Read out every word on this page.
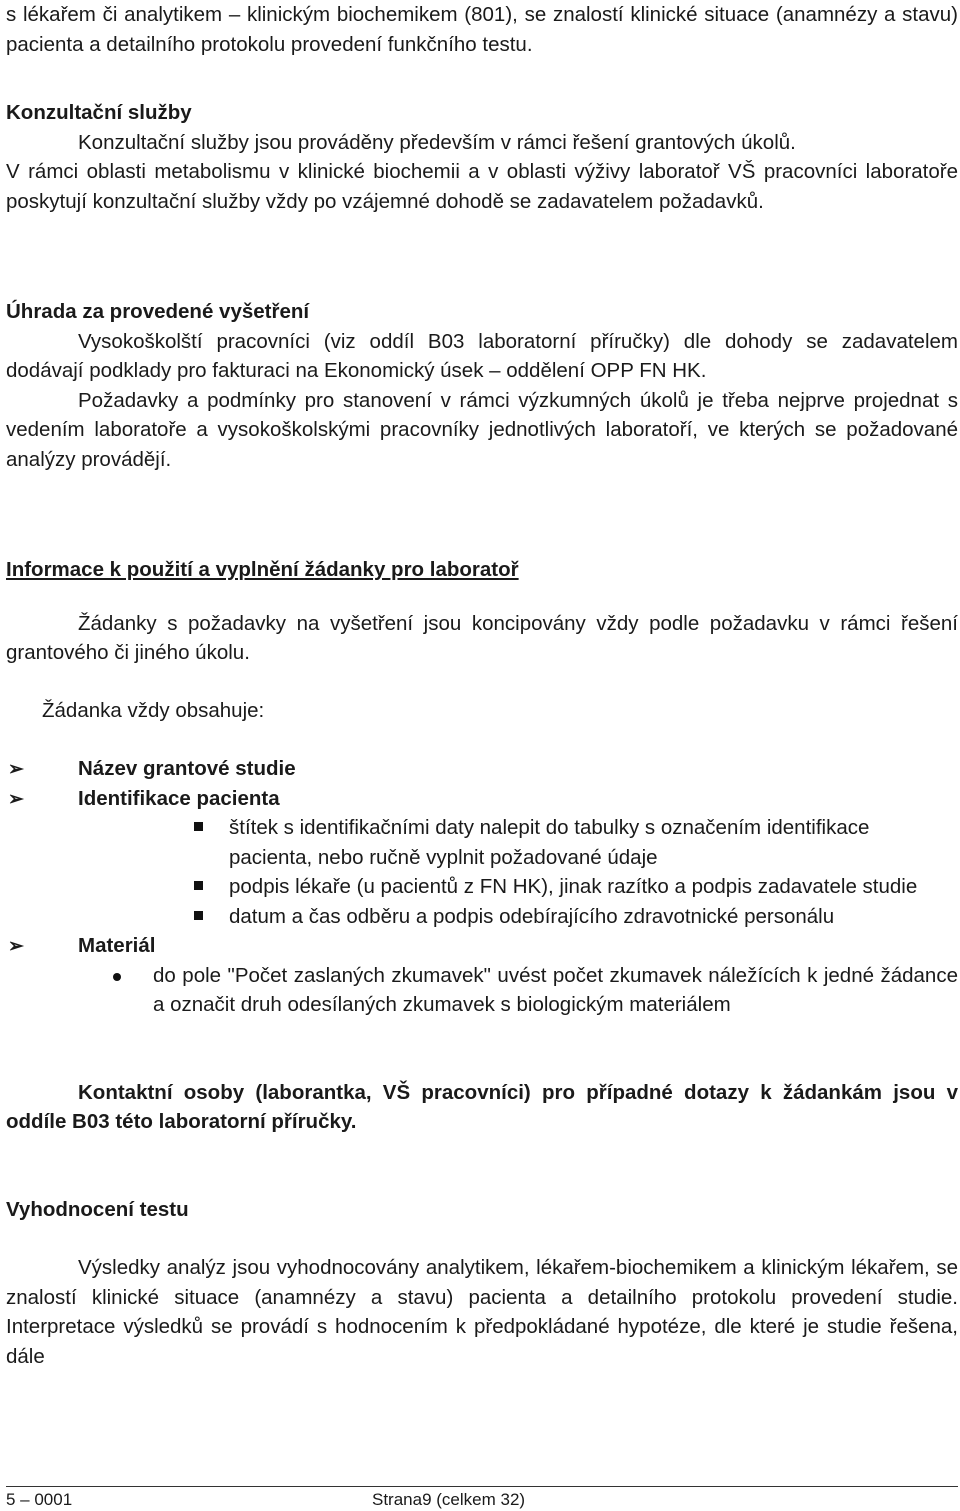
s lékařem či analytikem – klinickým biochemikem (801), se znalostí klinické situace (anamnézy a stavu) pacienta a detailního protokolu provedení funkčního testu.

Konzultační služby

Konzultační služby jsou prováděny především v rámci řešení grantových úkolů.

V rámci oblasti metabolismu v klinické biochemii a v oblasti výživy laboratoř VŠ pracovníci laboratoře poskytují konzultační služby vždy po vzájemné dohodě se zadavatelem požadavků.

Úhrada za provedené vyšetření

Vysokoškolští pracovníci (viz oddíl B03 laboratorní příručky) dle dohody se zadavatelem dodávají podklady pro fakturaci na Ekonomický úsek – oddělení OPP FN HK.

Požadavky a podmínky pro stanovení v rámci výzkumných úkolů je třeba nejprve projednat s vedením laboratoře a vysokoškolskými pracovníky jednotlivých laboratoří, ve kterých se požadované analýzy provádějí.

Informace k použití a vyplnění žádanky pro laboratoř

Žádanky s požadavky na vyšetření jsou koncipovány vždy podle požadavku v rámci řešení grantového či jiného úkolu.

Žádanka vždy obsahuje:

➢	Název grantové studie

➢	Identifikace pacienta

štítek s identifikačními daty nalepit do tabulky s označením identifikace pacienta, nebo ručně vyplnit požadované údaje

podpis lékaře (u pacientů z FN HK), jinak razítko a podpis zadavatele studie

datum a čas odběru a podpis odebírajícího zdravotnické personálu

➢	Materiál

do pole "Počet zaslaných zkumavek" uvést počet zkumavek náležících k jedné žádance a označit druh odesílaných zkumavek s biologickým materiálem

Kontaktní osoby (laborantka, VŠ pracovníci) pro případné dotazy k žádankám jsou v oddíle B03 této laboratorní příručky.

Vyhodnocení testu

Výsledky analýz jsou vyhodnocovány analytikem, lékařem-biochemikem a klinickým lékařem, se znalostí klinické situace (anamnézy a stavu) pacienta a detailního protokolu provedení studie. Interpretace výsledků se provádí s hodnocením k předpokládané hypotéze, dle které je studie řešena, dále

5 – 0001	Strana9 (celkem 32)
